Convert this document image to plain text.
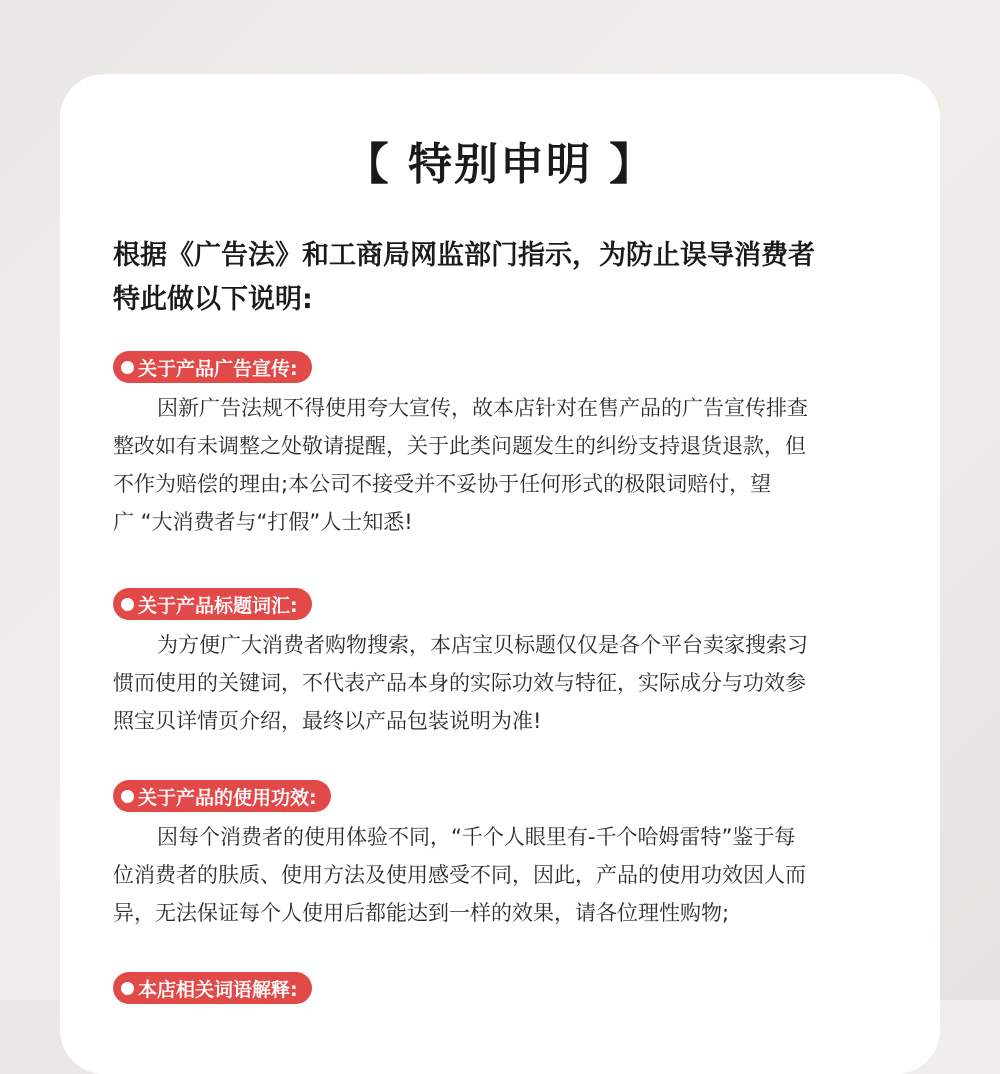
【 特别申明 】
根据《广告法》和工商局网监部门指示，为防止误导消费者
特此做以下说明:
关于产品广告宣传:
因新广告法规不得使用夸大宣传，故本店针对在售产品的广告宣传排查
整改如有未调整之处敬请提醒，关于此类问题发生的纠纷支持退货退款，但
不作为赔偿的理由;本公司不接受并不妥协于任何形式的极限词赔付，望
广 “大消费者与“打假”人士知悉!
关于产品标题词汇:
为方便广大消费者购物搜索，本店宝贝标题仅仅是各个平台卖家搜索习
惯而使用的关键词，不代表产品本身的实际功效与特征，实际成分与功效参
照宝贝详情页介绍，最终以产品包装说明为准!
关于产品的使用功效:
因每个消费者的使用体验不同，“千个人眼里有-千个哈姆雷特”鉴于每
位消费者的肤质、使用方法及使用感受不同，因此，产品的使用功效因人而
异，无法保证每个人使用后都能达到一样的效果，请各位理性购物;
本店相关词语解释:
